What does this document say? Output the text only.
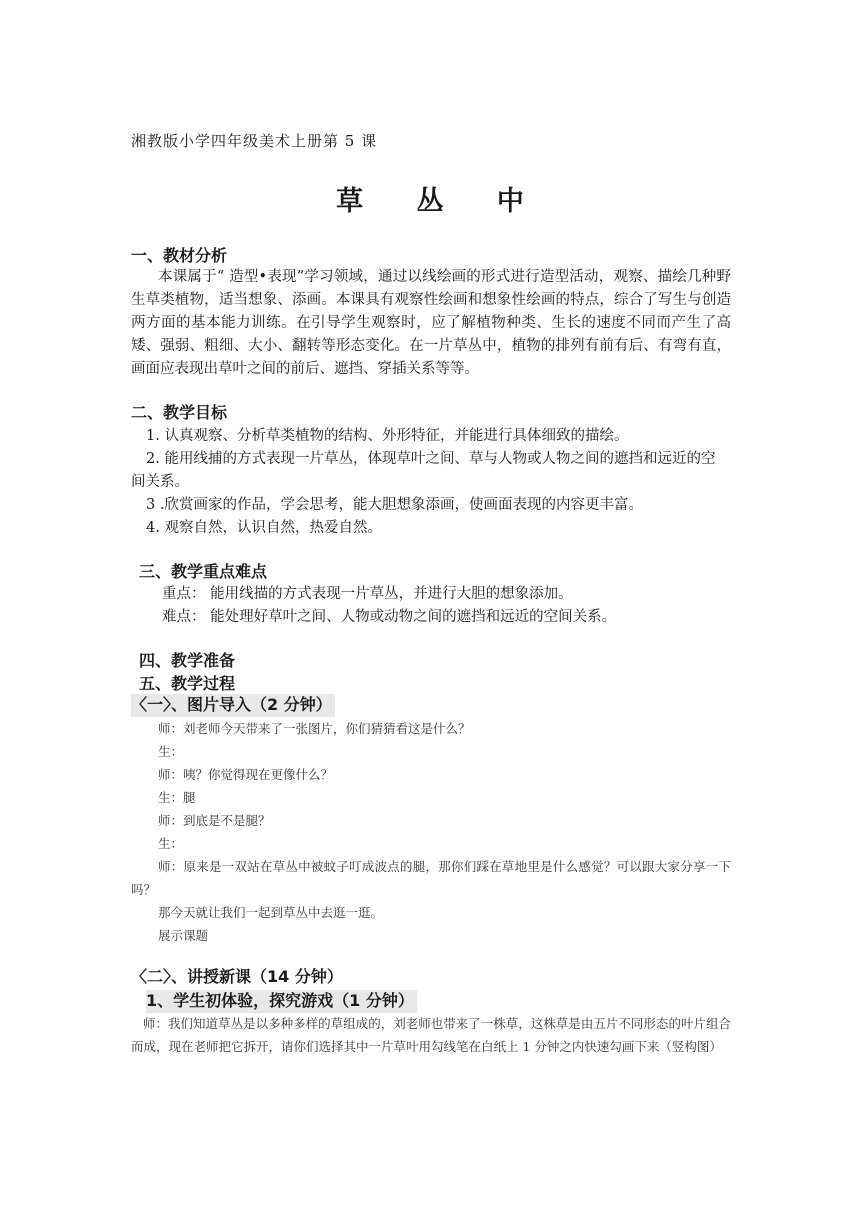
湘教版小学四年级美术上册第 5 课
草 丛 中
一、教材分析
本课属于“ 造型•表现”学习领域，通过以线绘画的形式进行造型活动，观察、描绘几种野生草类植物，适当想象、添画。本课具有观察性绘画和想象性绘画的特点，综合了写生与创造两方面的基本能力训练。在引导学生观察时，应了解植物种类、生长的速度不同而产生了高矮、强弱、粗细、大小、翻转等形态变化。在一片草丛中，植物的排列有前有后、有弯有直，画面应表现出草叶之间的前后、遮挡、穿插关系等等。
二、教学目标
1. 认真观察、分析草类植物的结构、外形特征，并能进行具体细致的描绘。
2. 能用线捕的方式表现一片草丛，体现草叶之间、草与人物或人物之间的遮挡和远近的空
间关系。
3 .欣赏画家的作品，学会思考，能大胆想象添画，使画面表现的内容更丰富。
4. 观察自然，认识自然，热爱自然。
三、教学重点难点
重点： 能用线描的方式表现一片草丛，并进行大胆的想象添加。
难点： 能处理好草叶之间、人物或动物之间的遮挡和远近的空间关系。
四、教学准备
五、教学过程
〈一〉、图片导入（2 分钟）
师：刘老师今天带来了一张图片，你们猜猜看这是什么？
生：
师：咦？你觉得现在更像什么？
生：腿
师：到底是不是腿？
生：
师：原来是一双站在草丛中被蚊子叮成波点的腿，那你们踩在草地里是什么感觉？可以跟大家分享一下吗？
那今天就让我们一起到草丛中去逛一逛。
展示课题
〈二〉、讲授新课（14 分钟）
1、学生初体验，探究游戏（1 分钟）
师：我们知道草丛是以多种多样的草组成的，刘老师也带来了一株草，这株草是由五片不同形态的叶片组合而成，现在老师把它拆开，请你们选择其中一片草叶用勾线笔在白纸上 1 分钟之内快速勾画下来（竖构图）
